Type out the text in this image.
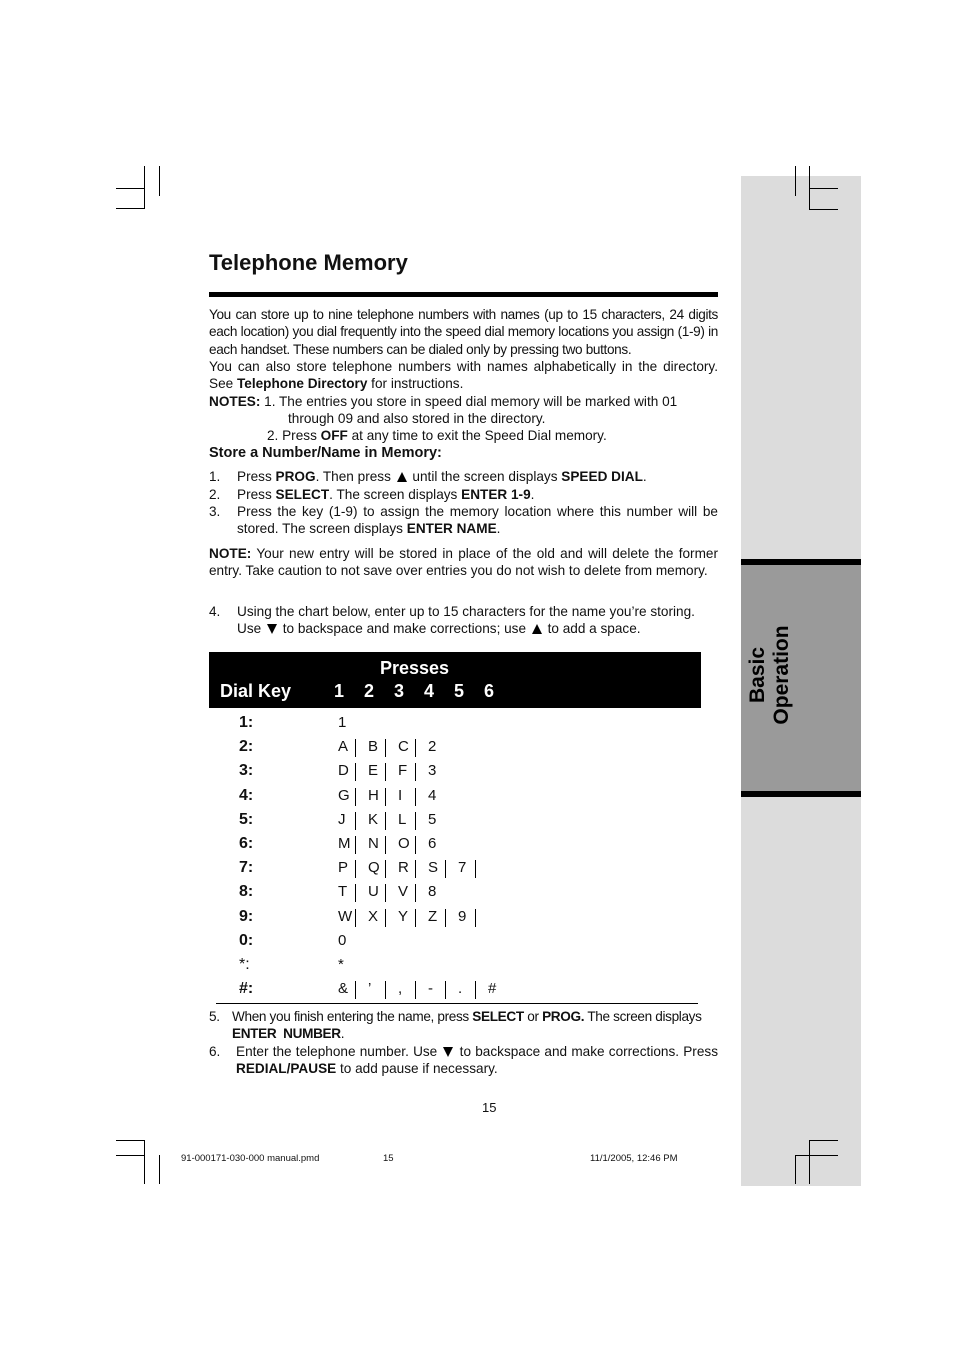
Basic Operation
Telephone Memory

You can store up to nine telephone numbers with names (up to 15 characters, 24 digits each location) you dial frequently into the speed dial memory locations you assign (1-9) in each handset. These numbers can be dialed only by pressing two buttons.

You can also store telephone numbers with names alphabetically in the directory. See Telephone Directory for instructions.

NOTES: 1. The entries you store in speed dial memory will be marked with 01
through 09 and also stored in the directory.
2. Press OFF at any time to exit the Speed Dial memory.
Store a Number/Name in Memory:
1. Press PROG. Then press  until the screen displays SPEED DIAL.
2. Press SELECT. The screen displays ENTER 1-9.
3. Press the key (1-9) to assign the memory location where this number will be stored. The screen displays ENTER NAME.

NOTE: Your new entry will be stored in place of the old and will delete the former entry. Take caution to not save over entries you do not wish to delete from memory.

4. Using the chart below, enter up to 15 characters for the name you’re storing. Use  to backspace and make corrections; use  to add a space.
Presses
Dial Key 1 2 3 4 5 6
1:	1
2:	A B C 2
3:	D E F 3
4:	G H I 4
5:	J K L 5
6:	M N O 6
7:	P Q R S 7
8:	T U V 8
9:	W X Y Z 9
0:	0
*:	*
#:	& ’ , - . #
5. When you finish entering the name, press SELECT or PROG. The screen displays ENTER  NUMBER.
6. Enter the telephone number. Use  to backspace and make corrections. Press REDIAL/PAUSE to add pause if necessary.
15
91-000171-030-000 manual.pmd	15	11/1/2005, 12:46 PM
